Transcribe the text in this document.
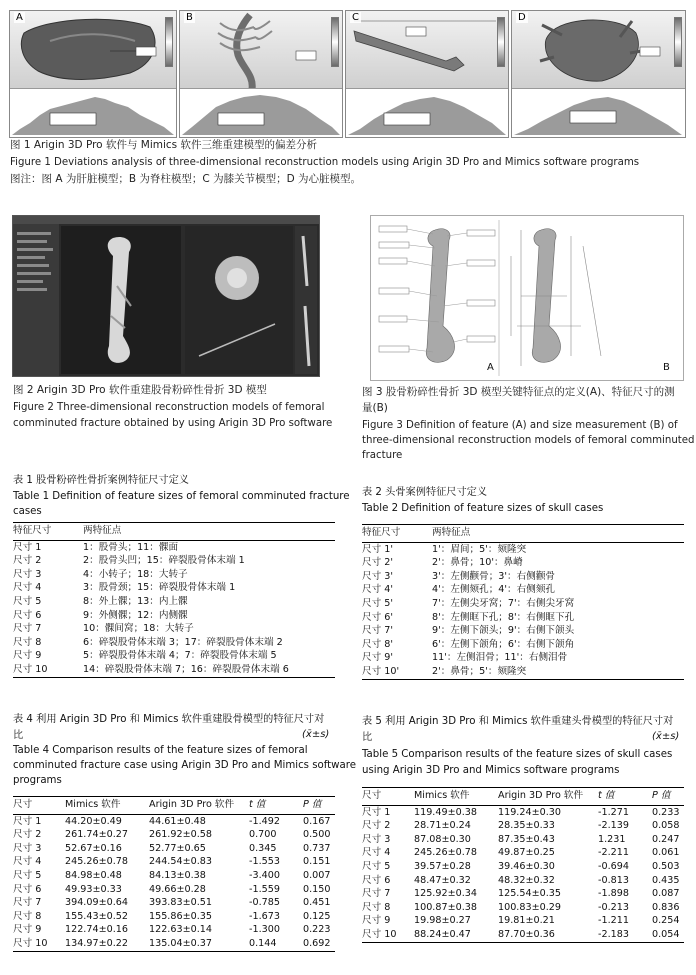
A	B	C	D
图 1 Arigin 3D Pro 软件与 Mimics 软件三维重建模型的偏差分析
Figure 1 Deviations analysis of three-dimensional reconstruction models using Arigin 3D Pro and Mimics software programs
图注：图 A 为肝脏模型；B 为脊柱模型；C 为膝关节模型；D 为心脏模型。
图 2 Arigin 3D Pro 软件重建股骨粉碎性骨折 3D 模型
Figure 2 Three-dimensional reconstruction models of femoral
comminuted fracture obtained by using Arigin 3D Pro software
A	B
图 3 股骨粉碎性骨折 3D 模型关键特征点的定义(A)、特征尺寸的测
量(B)
Figure 3 Definition of feature (A) and size measurement (B) of
three-dimensional reconstruction models of femoral comminuted
fracture
表 1 股骨粉碎性骨折案例特征尺寸定义
Table 1 Definition of feature sizes of femoral comminuted fracture
cases
特征尺寸	两特征点
尺寸 1	1：股骨头；11：髁面
尺寸 2	2：股骨头凹；15：碎裂股骨体末端 1
尺寸 3	4：小转子；18：大转子
尺寸 4	3：股骨颈；15：碎裂股骨体末端 1
尺寸 5	8：外上髁；13：内上髁
尺寸 6	9：外侧髁；12：内侧髁
尺寸 7	10：髁间窝；18：大转子
尺寸 8	6：碎裂股骨体末端 3；17：碎裂股骨体末端 2
尺寸 9	5：碎裂股骨体末端 4；7：碎裂股骨体末端 5
尺寸 10	14：碎裂股骨体末端 7；16：碎裂股骨体末端 6
表 2 头骨案例特征尺寸定义
Table 2 Definition of feature sizes of skull cases
特征尺寸	两特征点
尺寸 1'	1'：眉间；5'：颏隆突
尺寸 2'	2'：鼻骨；10'：鼻嵴
尺寸 3'	3'：左侧颧骨；3'：右侧颧骨
尺寸 4'	4'：左侧颏孔；4'：右侧颏孔
尺寸 5'	7'：左侧尖牙窝；7'：右侧尖牙窝
尺寸 6'	8'：左侧眶下孔；8'：右侧眶下孔
尺寸 7'	9'：左侧下颌头；9'：右侧下颌头
尺寸 8'	6'：左侧下颌角；6'：右侧下颌角
尺寸 9'	11'：左侧泪骨；11'：右侧泪骨
尺寸 10'	2'：鼻骨；5'：颏隆突
表 4 利用 Arigin 3D Pro 和 Mimics 软件重建股骨模型的特征尺寸对
比	(x̄±s)
Table 4 Comparison results of the feature sizes of femoral
comminuted fracture case using Arigin 3D Pro and Mimics software
programs
尺寸	Mimics 软件	Arigin 3D Pro 软件	t 值	P 值
尺寸 1	44.20±0.49	44.61±0.48	-1.492	0.167
尺寸 2	261.74±0.27	261.92±0.58	0.700	0.500
尺寸 3	52.67±0.16	52.77±0.65	0.345	0.737
尺寸 4	245.26±0.78	244.54±0.83	-1.553	0.151
尺寸 5	84.98±0.48	84.13±0.38	-3.400	0.007
尺寸 6	49.93±0.33	49.66±0.28	-1.559	0.150
尺寸 7	394.09±0.64	393.83±0.51	-0.785	0.451
尺寸 8	155.43±0.52	155.86±0.35	-1.673	0.125
尺寸 9	122.74±0.16	122.63±0.14	-1.300	0.223
尺寸 10	134.97±0.22	135.04±0.37	0.144	0.692
表 5 利用 Arigin 3D Pro 和 Mimics 软件重建头骨模型的特征尺寸对
比	(x̄±s)
Table 5 Comparison results of the feature sizes of skull cases
using Arigin 3D Pro and Mimics software programs
尺寸	Mimics 软件	Arigin 3D Pro 软件	t 值	P 值
尺寸 1	119.49±0.38	119.24±0.30	-1.271	0.233
尺寸 2	28.71±0.24	28.35±0.33	-2.139	0.058
尺寸 3	87.08±0.30	87.35±0.43	1.231	0.247
尺寸 4	245.26±0.78	49.87±0.25	-2.211	0.061
尺寸 5	39.57±0.28	39.46±0.30	-0.694	0.503
尺寸 6	48.47±0.32	48.32±0.32	-0.813	0.435
尺寸 7	125.92±0.34	125.54±0.35	-1.898	0.087
尺寸 8	100.87±0.38	100.83±0.29	-0.213	0.836
尺寸 9	19.98±0.27	19.81±0.21	-1.211	0.254
尺寸 10	88.24±0.47	87.70±0.36	-2.183	0.054
